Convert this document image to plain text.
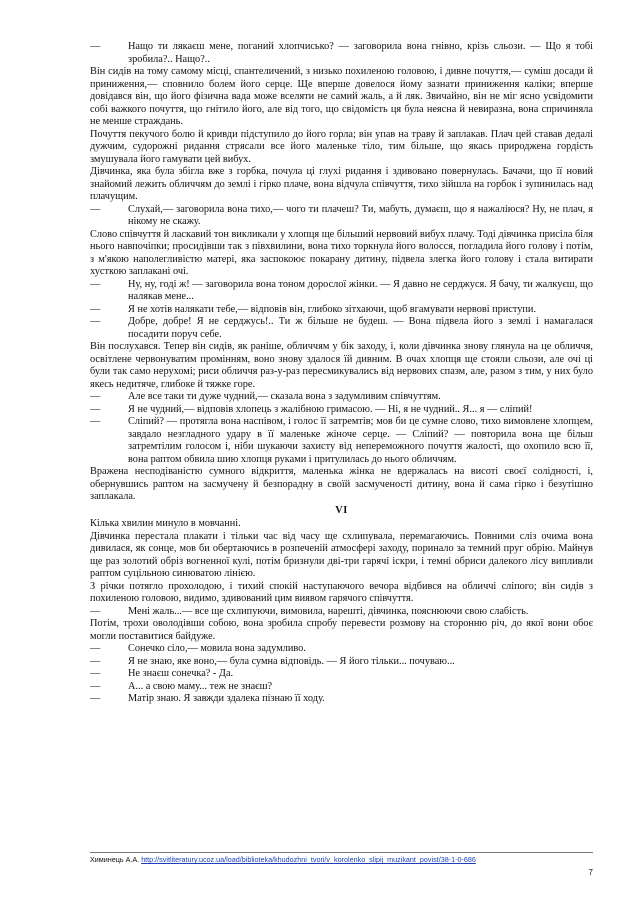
—	Нащо ти лякаєш мене, поганий хлопчисько? — заговорила вона гнівно, крізь сльози. — Що я тобі зробила?.. Нащо?..

Він сидів на тому самому місці, спантеличений, з низько похиленою головою, і дивне почуття,— суміш досади й приниження,— сповнило болем його серце. Ще вперше довелося йому зазнати приниження каліки; вперше довідався він, що його фізична вада може вселяти не самий жаль, а й ляк. Звичайно, він не міг ясно усвідомити собі важкого почуття, що гнітило його, але від того, що свідомість ця була неясна й невиразна, вона спричиняла не менше страждань.

Почуття пекучого болю й кривди підступило до його горла; він упав на траву й заплакав. Плач цей ставав дедалі дужчим, судорожні ридання стрясали все його маленьке тіло, тим більше, що якась природжена гордість змушувала його гамувати цей вибух.

Дівчинка, яка була збігла вже з горбка, почула ці глухі ридання і здивовано повернулась. Бачачи, що її новий знайомий лежить обличчям до землі і гірко плаче, вона відчула співчуття, тихо зійшла на горбок і зупинилась над плачущим.

—	Слухай,— заговорила вона тихо,— чого ти плачеш? Ти, мабуть, думаєш, що я нажаліюся? Ну, не плач, я нікому не скажу.

Слово співчуття й ласкавий тон викликали у хлопця ще більший нервовий вибух плачу. Тоді дівчинка присіла біля нього навпочіпки; просидівши так з півхвилини, вона тихо торкнула його волосся, погладила його голову і потім, з м'якою наполегливістю матері, яка заспокоює покарану дитину, підвела злегка його голову і стала витирати хусткою заплакані очі.

—	Ну, ну, годі ж! — заговорила вона тоном дорослої жінки. — Я давно не серджуся. Я бачу, ти жалкуєш, що налякав мене...

—	Я не хотів налякати тебе,— відповів він, глибоко зітхаючи, щоб вгамувати нервові приступи.

—	Добре, добре! Я не серджусь!.. Ти ж більше не будеш. — Вона підвела його з землі і намагалася посадити поруч себе.

Він послухався. Тепер він сидів, як раніше, обличчям у бік заходу, і, коли дівчинка знову глянула на це обличчя, освітлене червонуватим промінням, воно знову здалося їй дивним. В очах хлопця ще стояли сльози, але очі ці були так само нерухомі; риси обличчя раз-у-раз пересмикувались від нервових спазм, але, разом з тим, у них було якесь недитяче, глибоке й тяжке горе.

—	Але все таки ти дуже чудний,— сказала вона з задумливим співчуттям.

—	Я не чудний,— відповів хлопець з жалібною гримасою. — Ні, я не чудний.. Я... я — сліпий!

—	Сліпий? — протягла вона наспівом, і голос її затремтів; мов би це сумне слово, тихо вимовлене хлопцем, завдало незгладного удару в її маленьке жіноче серце. — Сліпий? — повторила вона ще більш затремтілим голосом і, ніби шукаючи захисту від непереможного почуття жалості, що охопило всю її, вона раптом обвила шию хлопця руками і притулилась до нього обличчям.

Вражена несподіваністю сумного відкриття, маленька жінка не вдержалась на висоті своєї солідності, і, обернувшись раптом на засмучену й безпорадну в своїй засмученості дитину, вона й сама гірко і безутішно заплакала.

VI

Кілька хвилин минуло в мовчанні.

Дівчинка перестала плакати і тільки час від часу ще схлипувала, перемагаючись. Повними сліз очима вона дивилася, як сонце, мов би обертаючись в розпеченій атмосфері заходу, поринало за темний пруг обрію. Майнув ще раз золотий обріз вогненної кулі, потім бризнули дві-три гарячі іскри, і темні обриси далекого лісу випливли раптом суцільною синюватою лінією.

З річки потягло прохолодою, і тихий спокій наступаючого вечора відбився на обличчі сліпого; він сидів з похиленою головою, видимо, здивований цим виявом гарячого співчуття.

—	Мені жаль...— все ще схлипуючи, вимовила, нарешті, дівчинка, пояснюючи свою слабість.

Потім, трохи оволодівши собою, вона зробила спробу перевести розмову на сторонню річ, до якої вони обоє могли поставитися байдуже.

—	Сонечко сіло,— мовила вона задумливо.

—	Я не знаю, яке воно,— була сумна відповідь. — Я його тільки... почуваю...

—	Не знаєш сонечка? - Да.

—	А... а свою маму... теж не знаєш?

—	Матір знаю. Я завжди здалека пізнаю її ходу.

Химинець А.А. http://svitliteratury.ucoz.ua/load/biblioteka/khudozhni_tvori/v_korolenko_slipij_muzikant_povist/38-1-0-686
7
